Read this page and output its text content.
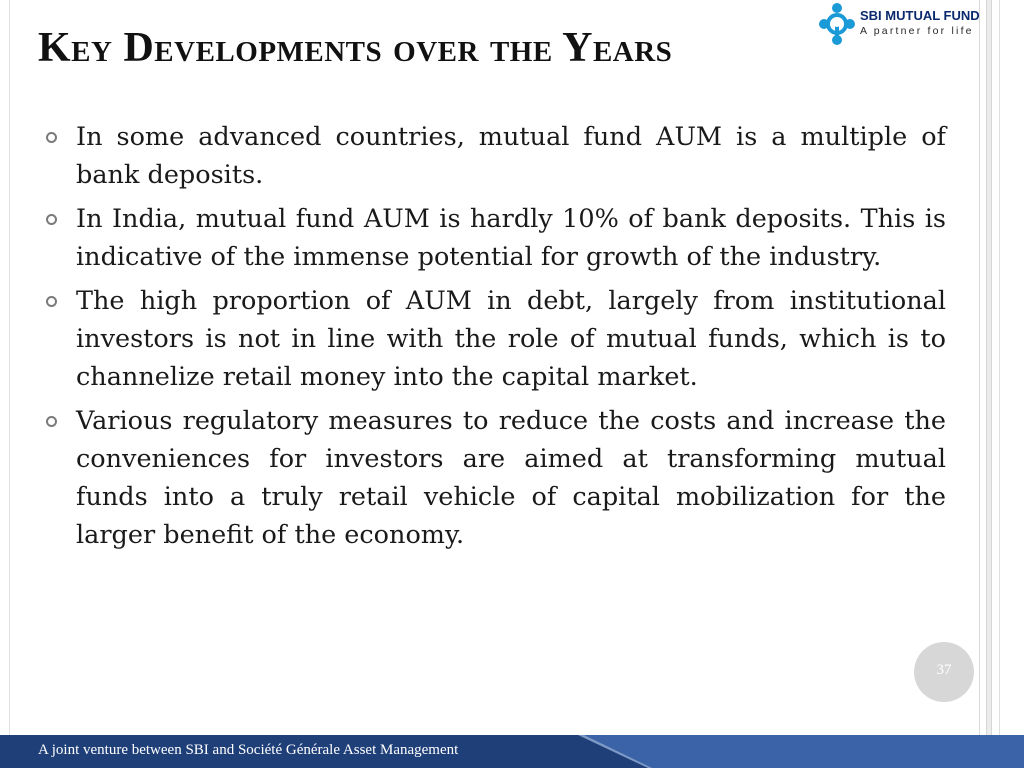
Key Developments over the Years
SBI MUTUAL FUND
A partner for life
In some advanced countries, mutual fund AUM is a multiple of bank deposits.
In India, mutual fund AUM is hardly 10% of bank deposits. This is indicative of the immense potential for growth of the industry.
The high proportion of AUM in debt, largely from institutional investors is not in line with the role of mutual funds, which is to channelize retail money into the capital market.
Various regulatory measures to reduce the costs and increase the conveniences for investors are aimed at transforming mutual funds into a truly retail vehicle of capital mobilization for the larger benefit of the economy.
37
A joint venture between SBI and Société Générale Asset Management
